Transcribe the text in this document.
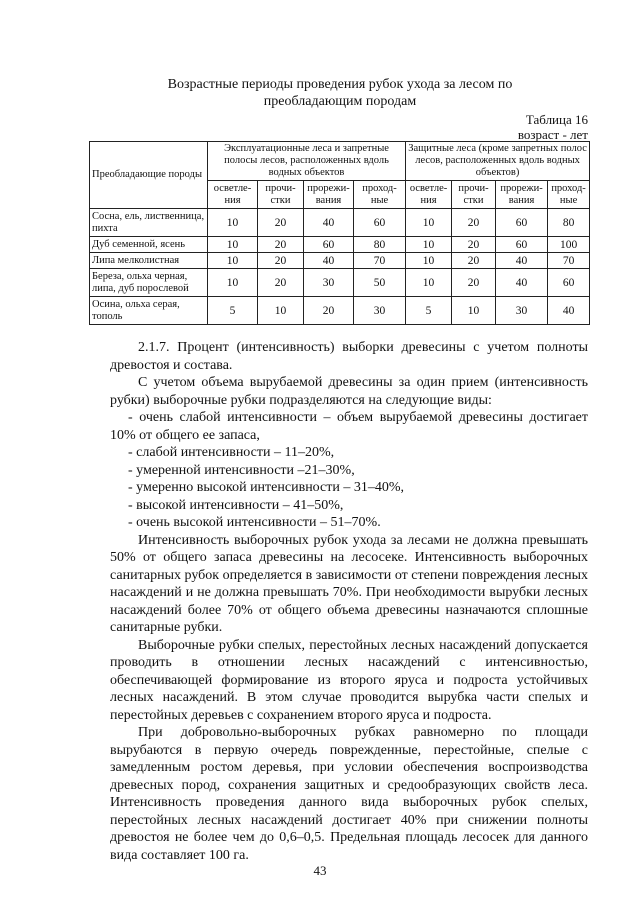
Возрастные периоды проведения рубок ухода за лесом по
преобладающим породам
Таблица 16
возраст - лет
Преобладающие породы	Эксплуатационные леса и запретные полосы лесов, расположенных вдоль водных объектов				Защитные леса (кроме запретных полос лесов, расположенных вдоль водных объектов)			
	осветле-ния	прочи-стки	прорежи-вания	проход-ные	осветле-ния	прочи-стки	прорежи-вания	проход-ные
Сосна, ель, лиственница, пихта	10	20	40	60	10	20	60	80
Дуб семенной, ясень	10	20	60	80	10	20	60	100
Липа мелколистная	10	20	40	70	10	20	40	70
Береза, ольха черная, липа, дуб порослевой	10	20	30	50	10	20	40	60
Осина, ольха серая, тополь	5	10	20	30	5	10	30	40

2.1.7. Процент (интенсивность) выборки древесины с учетом полноты древостоя и состава.

С учетом объема вырубаемой древесины за один прием (интенсивность рубки) выборочные рубки подразделяются на следующие виды:

- очень слабой интенсивности – объем вырубаемой древесины достигает 10% от общего ее запаса,

- слабой интенсивности – 11–20%,

- умеренной интенсивности –21–30%,

- умеренно высокой интенсивности – 31–40%,

- высокой интенсивности – 41–50%,

- очень высокой интенсивности – 51–70%.

Интенсивность выборочных рубок ухода за лесами не должна превышать 50% от общего запаса древесины на лесосеке. Интенсивность выборочных санитарных рубок определяется в зависимости от степени повреждения лесных насаждений и не должна превышать 70%. При необходимости вырубки лесных насаждений более 70% от общего объема древесины назначаются сплошные санитарные рубки.

Выборочные рубки спелых, перестойных лесных насаждений допускается проводить в отношении лесных насаждений с интенсивностью, обеспечивающей формирование из второго яруса и подроста устойчивых лесных насаждений. В этом случае проводится вырубка части спелых и перестойных деревьев с сохранением второго яруса и подроста.

При добровольно-выборочных рубках равномерно по площади вырубаются в первую очередь поврежденные, перестойные, спелые с замедленным ростом деревья, при условии обеспечения воспроизводства древесных пород, сохранения защитных и средообразующих свойств леса. Интенсивность проведения данного вида выборочных рубок спелых, перестойных лесных насаждений достигает 40% при снижении полноты древостоя не более чем до 0,6–0,5. Предельная площадь лесосек для данного вида составляет 100 га.

43
